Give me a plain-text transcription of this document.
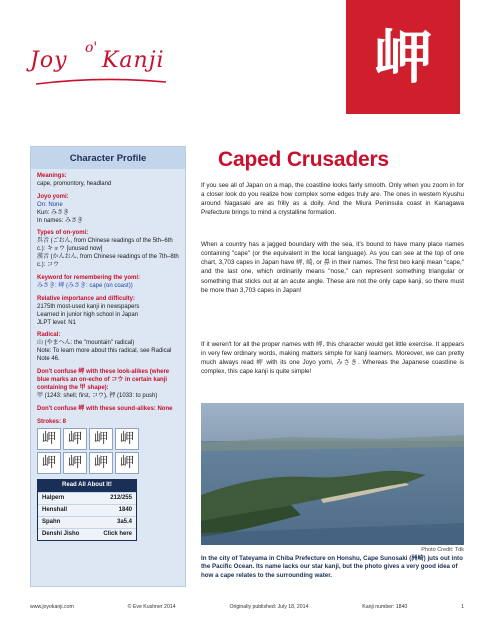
Joy o' Kanji	岬
Character Profile
Meanings:
cape, promontory, headland
Joyo yomi:
On: None
Kun: みさき
In names: みさき
Types of on-yomi:
呉音 (ごおん, from Chinese readings of the 5th–6th c.): キョウ [unused now]
漢音 (かんおん, from Chinese readings of the 7th–8th c.): コウ
Keyword for remembering the yomi:
みさき: 岬 (みさき: cape (on coast))
Relative importance and difficulty:
2175th most-used kanji in newspapers
Learned in junior high school in Japan
JLPT level: N1
Radical:
山 (やまへん: the "mountain" radical)
Note: To learn more about this radical, see Radical Note 46.
Don't confuse 岬 with these look-alikes (where blue marks an on-echo of コウ in certain kanji containing the 甲 shape):
甲 (1243: shell; first, コウ), 押 (1033: to push)
Don't confuse 岬 with these sound-alikes: None
Strokes: 8
岬 岬 岬 岬
岬 岬 岬 岬
Read All About It!
Halpern	212/255
Henshall	1840
Spahn	3a5.4
Denshi Jisho	Click here
Caped Crusaders

If you see all of Japan on a map, the coastline looks fairly smooth. Only when you zoom in for a closer look do you realize how complex some edges truly are. The ones in western Kyushu around Nagasaki are as frilly as a doily. And the Miura Peninsula coast in Kanagawa Prefecture brings to mind a crystalline formation.

When a country has a jagged boundary with the sea, it's bound to have many place names containing "cape" (or the equivalent in the local language). As you can see at the top of one chart, 3,703 capes in Japan have 岬, 崎, or 鼻 in their names. The first two kanji mean "cape," and the last one, which ordinarily means "nose," can represent something triangular or something that sticks out at an acute angle. These are not the only cape kanji, so there must be more than 3,703 capes in Japan!

If it weren't for all the proper names with 岬, this character would get little exercise. It appears in very few ordinary words, making matters simple for kanji learners. Moreover, we can pretty much always read 岬 with its one Joyo yomi, みさき. Whereas the Japanese coastline is complex, this cape kanji is quite simple!

Photo Credit: Tdk
In the city of Tateyama in Chiba Prefecture on Honshu, Cape Sunosaki (洲崎) juts out into the Pacific Ocean. Its name lacks our star kanji, but the photo gives a very good idea of how a cape relates to the surrounding water.
www.joyokanji.com	© Eve Kushner 2014	Originally published: July 18, 2014	Kanji number: 1840	1
